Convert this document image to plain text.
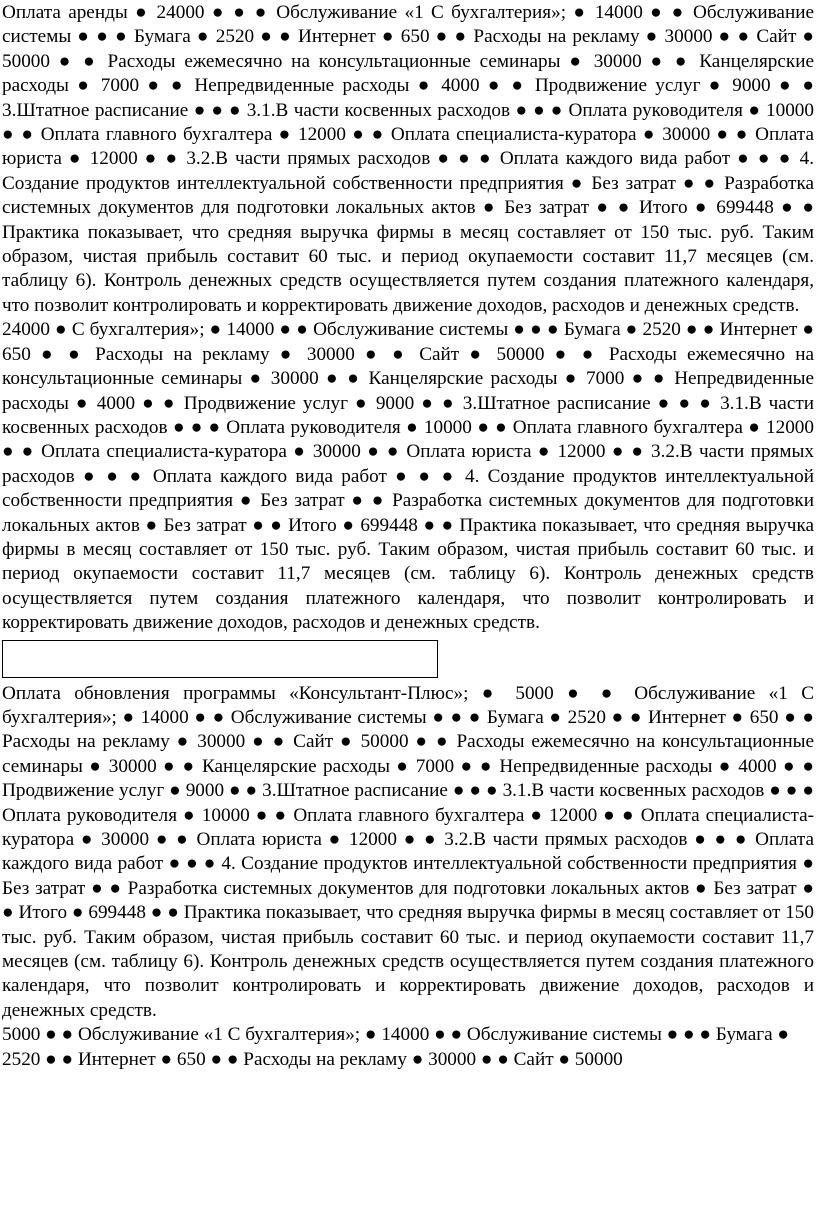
Оплата аренды ● 24000 ● ● ● Обслуживание «1 С бухгалтерия»; ● 14000 ● ● Обслуживание системы ● ● ● Бумага ● 2520 ● ● Интернет ● 650 ● ● Расходы на рекламу ● 30000 ● ● Сайт ● 50000 ● ● Расходы ежемесячно на консультационные семинары ● 30000 ● ● Канцелярские расходы ● 7000 ● ● Непредвиденные расходы ● 4000 ● ● Продвижение услуг ● 9000 ● ● 3.Штатное расписание ● ● ● 3.1.В части косвенных расходов ● ● ● Оплата руководителя ● 10000 ● ● Оплата главного бухгалтера ● 12000 ● ● Оплата специалиста-куратора ● 30000 ● ● Оплата юриста ● 12000 ● ● 3.2.В части прямых расходов ● ● ● Оплата каждого вида работ ● ● ● 4. Создание продуктов интеллектуальной собственности предприятия ● Без затрат ● ● Разработка системных документов для подготовки локальных актов ● Без затрат ● ● Итого ● 699448 ● ● Практика показывает, что средняя выручка фирмы в месяц составляет от 150 тыс. руб. Таким образом, чистая прибыль составит 60 тыс. и период окупаемости составит 11,7 месяцев (см. таблицу 6). Контроль денежных средств осуществляется путем создания платежного календаря, что позволит контролировать и корректировать движение доходов, расходов и денежных средств.

24000 ● С бухгалтерия»; ● 14000 ● ● Обслуживание системы ● ● ● Бумага ● 2520 ● ● Интернет ● 650 ● ● Расходы на рекламу ● 30000 ● ● Сайт ● 50000 ● ● Расходы ежемесячно на консультационные семинары ● 30000 ● ● Канцелярские расходы ● 7000 ● ● Непредвиденные расходы ● 4000 ● ● Продвижение услуг ● 9000 ● ● 3.Штатное расписание ● ● ● 3.1.В части косвенных расходов ● ● ● Оплата руководителя ● 10000 ● ● Оплата главного бухгалтера ● 12000 ● ● Оплата специалиста-куратора ● 30000 ● ● Оплата юриста ● 12000 ● ● 3.2.В части прямых расходов ● ● ● Оплата каждого вида работ ● ● ● 4. Создание продуктов интеллектуальной собственности предприятия ● Без затрат ● ● Разработка системных документов для подготовки локальных актов ● Без затрат ● ● Итого ● 699448 ● ● Практика показывает, что средняя выручка фирмы в месяц составляет от 150 тыс. руб. Таким образом, чистая прибыль составит 60 тыс. и период окупаемости составит 11,7 месяцев (см. таблицу 6). Контроль денежных средств осуществляется путем создания платежного календаря, что позволит контролировать и корректировать движение доходов, расходов и денежных средств.

Оплата обновления программы «Консультант-Плюс»; ● 5000 ● ● Обслуживание «1 С бухгалтерия»; ● 14000 ● ● Обслуживание системы ● ● ● Бумага ● 2520 ● ● Интернет ● 650 ● ● Расходы на рекламу ● 30000 ● ● Сайт ● 50000 ● ● Расходы ежемесячно на консультационные семинары ● 30000 ● ● Канцелярские расходы ● 7000 ● ● Непредвиденные расходы ● 4000 ● ● Продвижение услуг ● 9000 ● ● 3.Штатное расписание ● ● ● 3.1.В части косвенных расходов ● ● ● Оплата руководителя ● 10000 ● ● Оплата главного бухгалтера ● 12000 ● ● Оплата специалиста-куратора ● 30000 ● ● Оплата юриста ● 12000 ● ● 3.2.В части прямых расходов ● ● ● Оплата каждого вида работ ● ● ● 4. Создание продуктов интеллектуальной собственности предприятия ● Без затрат ● ● Разработка системных документов для подготовки локальных актов ● Без затрат ● ● Итого ● 699448 ● ● Практика показывает, что средняя выручка фирмы в месяц составляет от 150 тыс. руб. Таким образом, чистая прибыль составит 60 тыс. и период окупаемости составит 11,7 месяцев (см. таблицу 6). Контроль денежных средств осуществляется путем создания платежного календаря, что позволит контролировать и корректировать движение доходов, расходов и денежных средств.

5000 ● ● Обслуживание «1 С бухгалтерия»; ● 14000 ● ● Обслуживание системы ● ● ● Бумага ● 2520 ● ● Интернет ● 650 ● ● Расходы на рекламу ● 30000 ● ● Сайт ● 50000
